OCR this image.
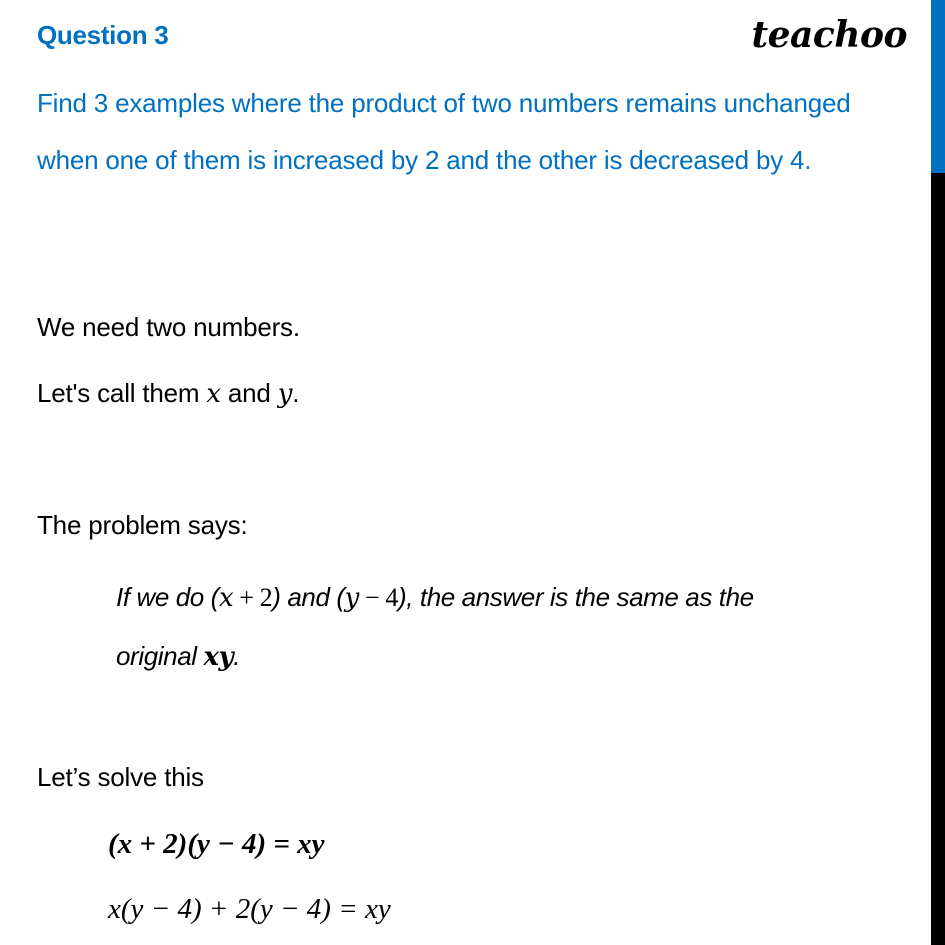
Question 3	teachoo
Find 3 examples where the product of two numbers remains unchanged when one of them is increased by 2 and the other is decreased by 4.
We need two numbers.
Let's call them x and y.
The problem says:
If we do (x + 2) and (y − 4), the answer is the same as the
original xy.
Let’s solve this
(x + 2)(y − 4) = xy
x(y − 4) + 2(y − 4) = xy
